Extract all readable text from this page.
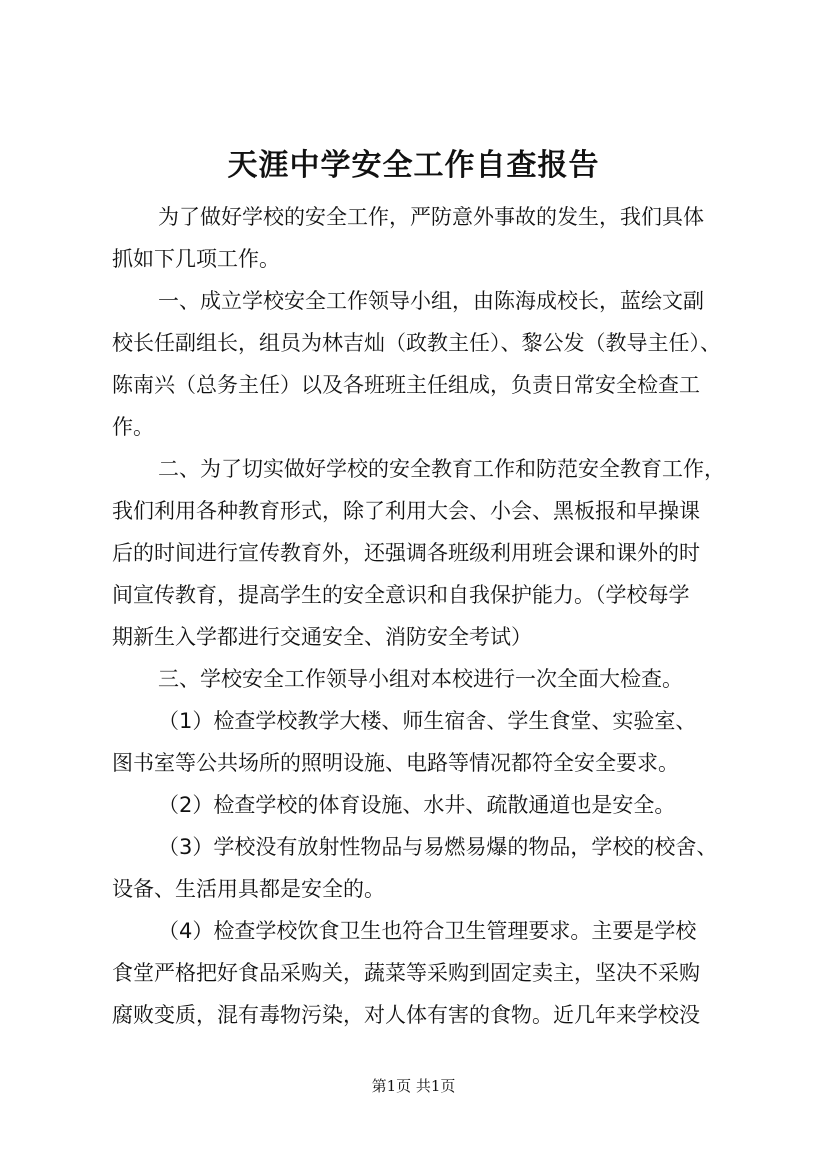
天涯中学安全工作自查报告
为了做好学校的安全工作，严防意外事故的发生，我们具体
抓如下几项工作。
一、成立学校安全工作领导小组，由陈海成校长，蓝绘文副
校长任副组长，组员为林吉灿（政教主任）、黎公发（教导主任）、
陈南兴（总务主任）以及各班班主任组成，负责日常安全检查工
作。
二、为了切实做好学校的安全教育工作和防范安全教育工作，
我们利用各种教育形式，除了利用大会、小会、黑板报和早操课
后的时间进行宣传教育外，还强调各班级利用班会课和课外的时
间宣传教育，提高学生的安全意识和自我保护能力。（学校每学
期新生入学都进行交通安全、消防安全考试）
三、学校安全工作领导小组对本校进行一次全面大检查。
（1）检查学校教学大楼、师生宿舍、学生食堂、实验室、
图书室等公共场所的照明设施、电路等情况都符全安全要求。
（2）检查学校的体育设施、水井、疏散通道也是安全。
（3）学校没有放射性物品与易燃易爆的物品，学校的校舍、
设备、生活用具都是安全的。
（4）检查学校饮食卫生也符合卫生管理要求。主要是学校
食堂严格把好食品采购关，蔬菜等采购到固定卖主，坚决不采购
腐败变质，混有毒物污染，对人体有害的食物。近几年来学校没
第1页 共1页
